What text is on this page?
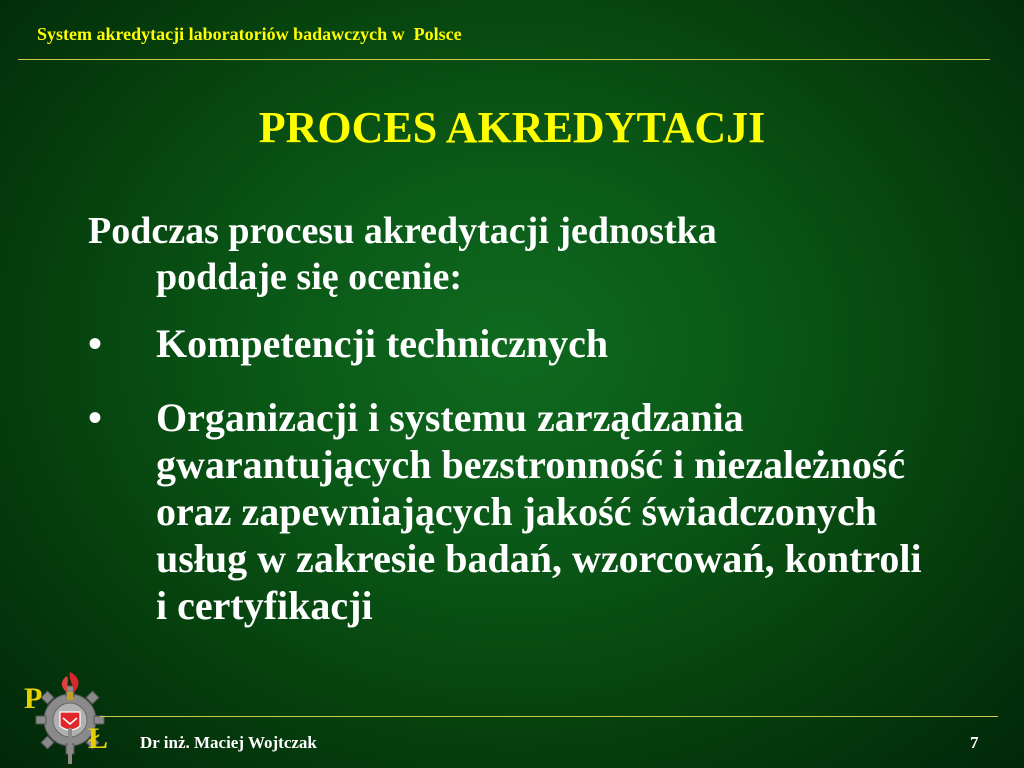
System akredytacji laboratoriów badawczych w  Polsce
PROCES AKREDYTACJI
Podczas procesu akredytacji jednostka
poddaje się ocenie:
•	Kompetencji technicznych
•	Organizacji i systemu zarządzania gwarantujących bezstronność i niezależność oraz zapewniających jakość świadczonych usług w zakresie badań, wzorcowań, kontroli i certyfikacji
P
Ł Dr inż. Maciej Wojtczak	7
